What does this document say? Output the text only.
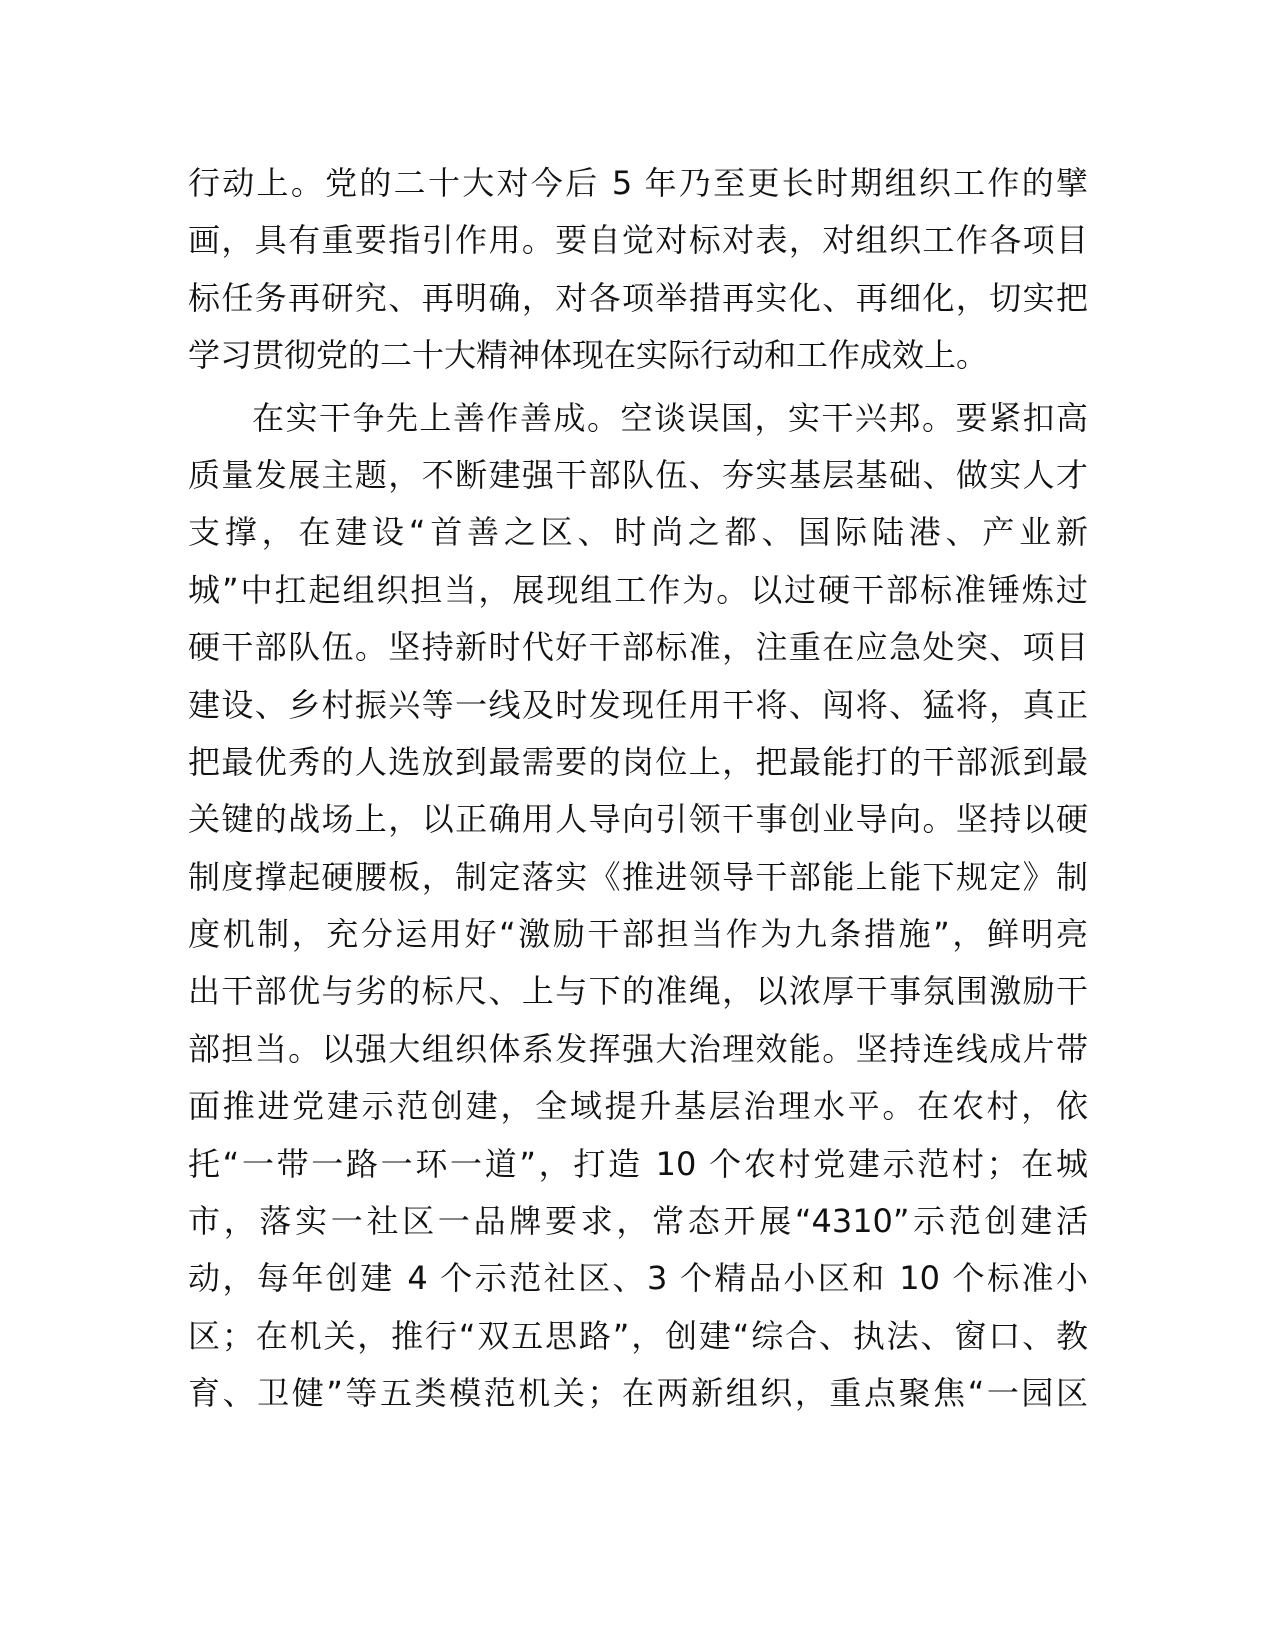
行动上。党的二十大对今后 5 年乃至更长时期组织工作的擘
画，具有重要指引作用。要自觉对标对表，对组织工作各项目
标任务再研究、再明确，对各项举措再实化、再细化，切实把
学习贯彻党的二十大精神体现在实际行动和工作成效上。
在实干争先上善作善成。空谈误国，实干兴邦。要紧扣高
质量发展主题，不断建强干部队伍、夯实基层基础、做实人才
支撑，在建设“首善之区、时尚之都、国际陆港、产业新
城”中扛起组织担当，展现组工作为。以过硬干部标准锤炼过
硬干部队伍。坚持新时代好干部标准，注重在应急处突、项目
建设、乡村振兴等一线及时发现任用干将、闯将、猛将，真正
把最优秀的人选放到最需要的岗位上，把最能打的干部派到最
关键的战场上，以正确用人导向引领干事创业导向。坚持以硬
制度撑起硬腰板，制定落实《推进领导干部能上能下规定》制
度机制，充分运用好“激励干部担当作为九条措施”，鲜明亮
出干部优与劣的标尺、上与下的准绳，以浓厚干事氛围激励干
部担当。以强大组织体系发挥强大治理效能。坚持连线成片带
面推进党建示范创建，全域提升基层治理水平。在农村，依
托“一带一路一环一道”，打造 10 个农村党建示范村；在城
市，落实一社区一品牌要求，常态开展“4310”示范创建活
动，每年创建 4 个示范社区、3 个精品小区和 10 个标准小
区；在机关，推行“双五思路”，创建“综合、执法、窗口、教
育、卫健”等五类模范机关；在两新组织，重点聚焦“一园区
